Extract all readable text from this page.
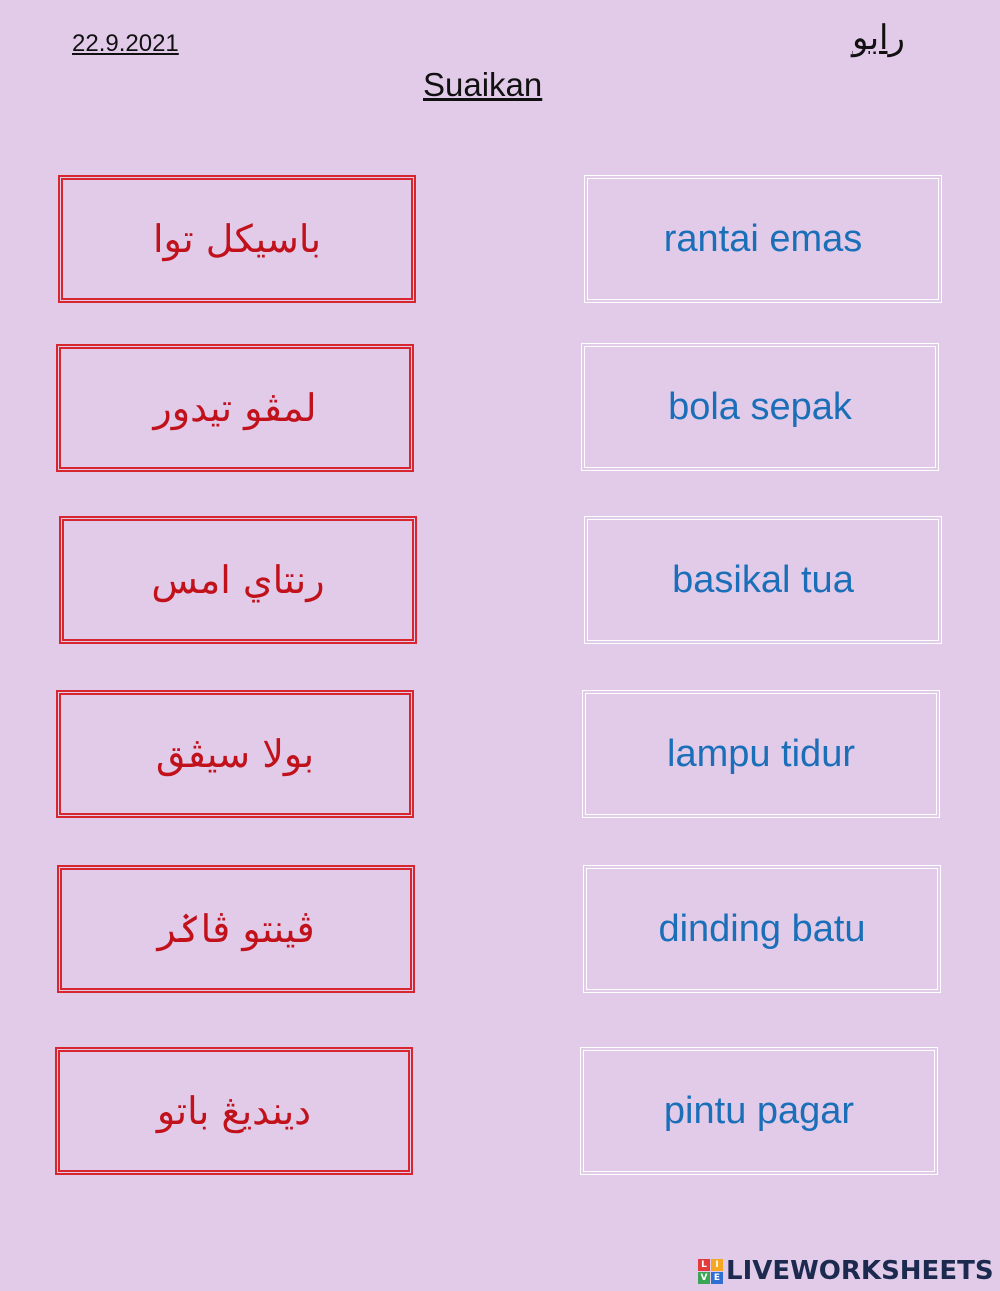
22.9.2021	رابو
Suaikan
باسيكل توا
لمڤو تيدور
رنتاي امس
بولا سيڤق
ڤينتو ڤاݢر
دينديڠ باتو
rantai emas
bola sepak
basikal tua
lampu tidur
dinding batu
pintu pagar
L I
V E LIVEWORKSHEETS
